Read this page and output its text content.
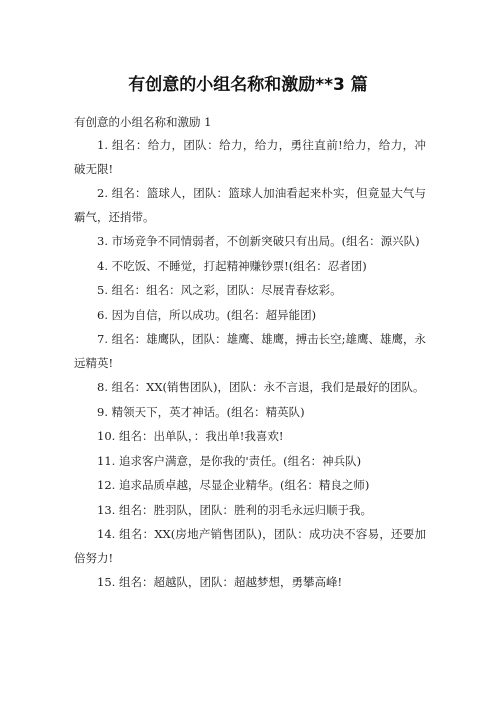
有创意的小组名称和激励**3 篇

有创意的小组名称和激励 1

1. 组名：给力，团队：给力，给力，勇往直前!给力，给力，冲破无限!
2. 组名：篮球人，团队：篮球人加油看起来朴实，但竟显大气与霸气，还捎带。
3. 市场竞争不同情弱者，不创新突破只有出局。(组名：源兴队)
4. 不吃饭、不睡觉，打起精神赚钞票!(组名：忍者团)
5. 组名：组名：风之彩，团队：尽展青春炫彩。
6. 因为自信，所以成功。(组名：超异能团)
7. 组名：雄鹰队，团队：雄鹰、雄鹰，搏击长空;雄鹰、雄鹰，永远精英!
8. 组名：XX(销售团队)，团队：永不言退，我们是最好的团队。
9. 精领天下，英才神话。(组名：精英队)
10. 组名：出单队，：我出单!我喜欢!
11. 追求客户满意，是你我的'责任。(组名：神兵队)
12. 追求品质卓越，尽显企业精华。(组名：精良之师)
13. 组名：胜羽队，团队：胜利的羽毛永远归顺于我。
14. 组名：XX(房地产销售团队)，团队：成功决不容易，还要加倍努力!
15. 组名：超越队，团队：超越梦想，勇攀高峰!
